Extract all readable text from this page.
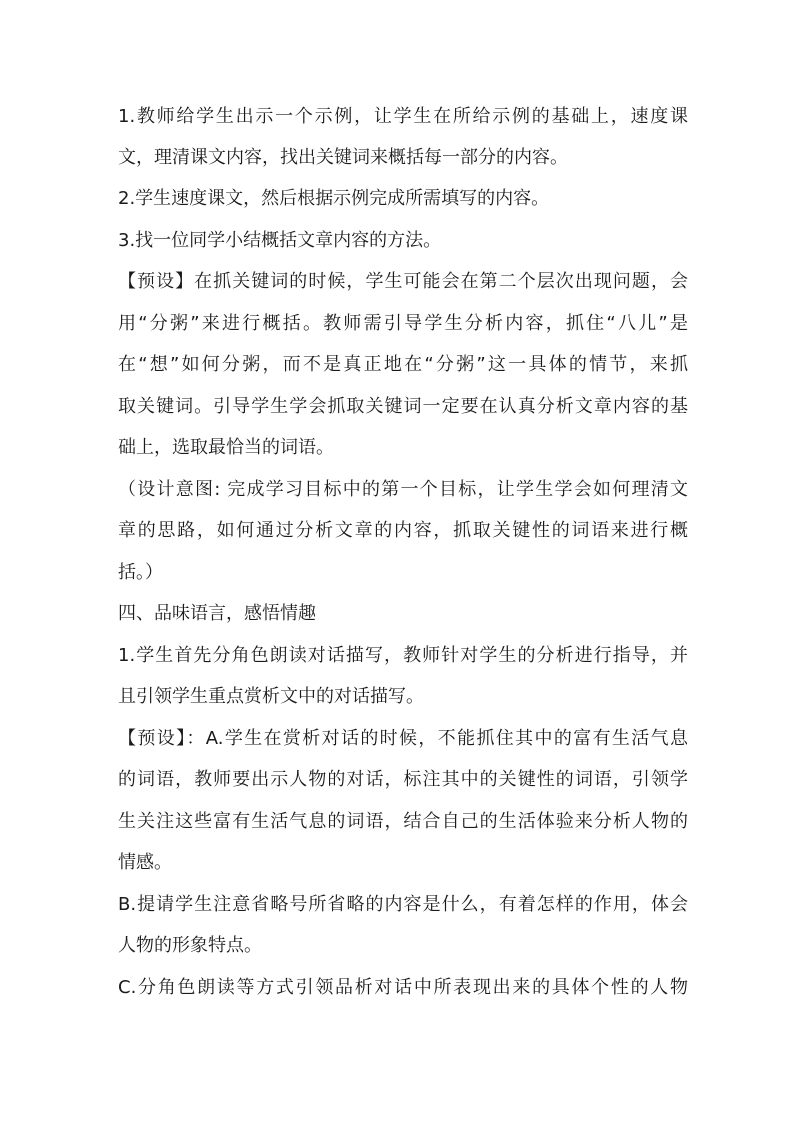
1.教师给学生出示一个示例，让学生在所给示例的基础上，速度课
文，理清课文内容，找出关键词来概括每一部分的内容。
2.学生速度课文，然后根据示例完成所需填写的内容。
3.找一位同学小结概括文章内容的方法。
【预设】在抓关键词的时候，学生可能会在第二个层次出现问题，会
用“分粥”来进行概括。教师需引导学生分析内容，抓住“八儿”是
在“想”如何分粥，而不是真正地在“分粥”这一具体的情节，来抓
取关键词。引导学生学会抓取关键词一定要在认真分析文章内容的基
础上，选取最恰当的词语。
（设计意图: 完成学习目标中的第一个目标，让学生学会如何理清文
章的思路，如何通过分析文章的内容，抓取关键性的词语来进行概
括。）
四、品味语言，感悟情趣
1.学生首先分角色朗读对话描写，教师针对学生的分析进行指导，并
且引领学生重点赏析文中的对话描写。
【预设】：A.学生在赏析对话的时候，不能抓住其中的富有生活气息
的词语，教师要出示人物的对话，标注其中的关键性的词语，引领学
生关注这些富有生活气息的词语，结合自己的生活体验来分析人物的
情感。
B.提请学生注意省略号所省略的内容是什么，有着怎样的作用，体会
人物的形象特点。
C.分角色朗读等方式引领品析对话中所表现出来的具体个性的人物
